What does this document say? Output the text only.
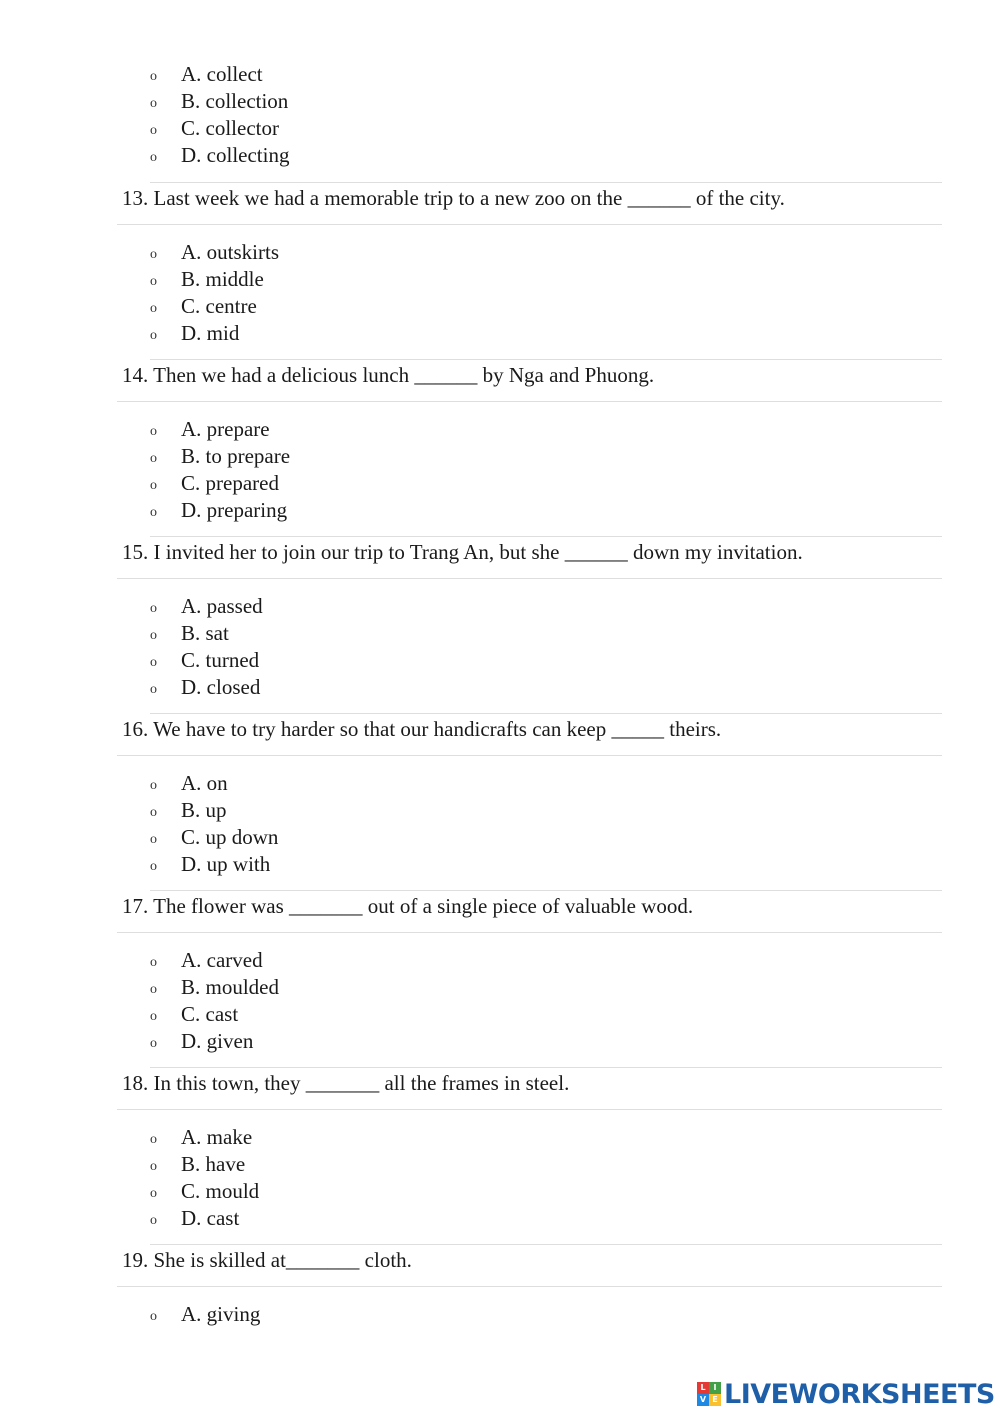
o A. collect
o B. collection
o C. collector
o D. collecting
13. Last week we had a memorable trip to a new zoo on the ______ of the city.
o A. outskirts
o B. middle
o C. centre
o D. mid
14. Then we had a delicious lunch ______ by Nga and Phuong.
o A. prepare
o B. to prepare
o C. prepared
o D. preparing
15. I invited her to join our trip to Trang An, but she ______ down my invitation.
o A. passed
o B. sat
o C. turned
o D. closed
16. We have to try harder so that our handicrafts can keep _____ theirs.
o A. on
o B. up
o C. up down
o D. up with
17. The flower was _______ out of a single piece of valuable wood.
o A. carved
o B. moulded
o C. cast
o D. given
18. In this town, they _______ all the frames in steel.
o A. make
o B. have
o C. mould
o D. cast
19. She is skilled at_______ cloth.
o A. giving
L I
V E LIVEWORKSHEETS
